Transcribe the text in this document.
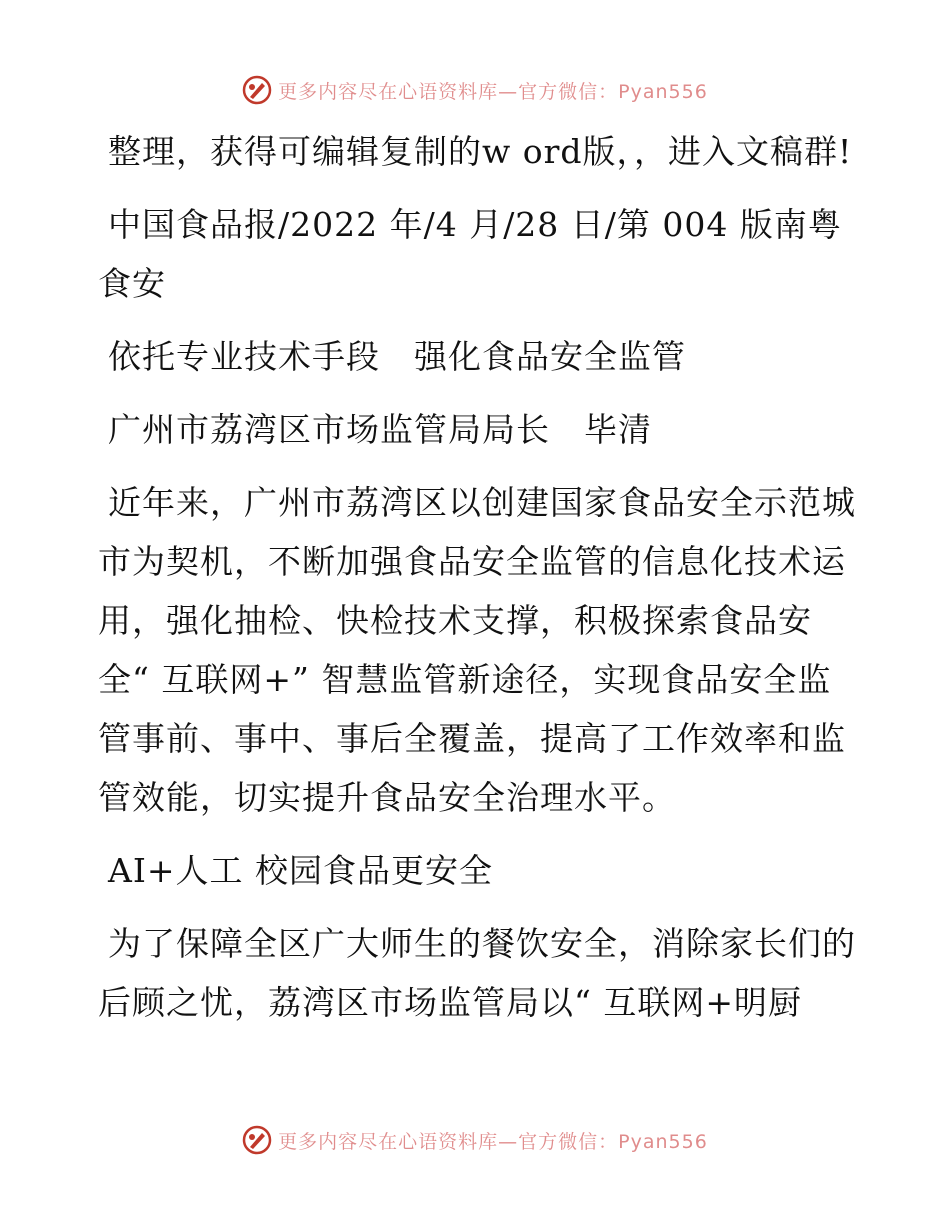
更多内容尽在心语资料库—官方微信：Pyan556

整理，获得可编辑复制的w ord版，，进入文稿群!

中国食品报/2022 年/4 月/28 日/第 004 版南粤食安

依托专业技术手段　强化食品安全监管

广州市荔湾区市场监管局局长　毕清

近年来，广州市荔湾区以创建国家食品安全示范城市为契机，不断加强食品安全监管的信息化技术运用，强化抽检、快检技术支撑，积极探索食品安全“ 互联网+” 智慧监管新途径，实现食品安全监管事前、事中、事后全覆盖，提高了工作效率和监管效能，切实提升食品安全治理水平。

AI+人工 校园食品更安全

为了保障全区广大师生的餐饮安全，消除家长们的后顾之忧，荔湾区市场监管局以“ 互联网+明厨

更多内容尽在心语资料库—官方微信：Pyan556
